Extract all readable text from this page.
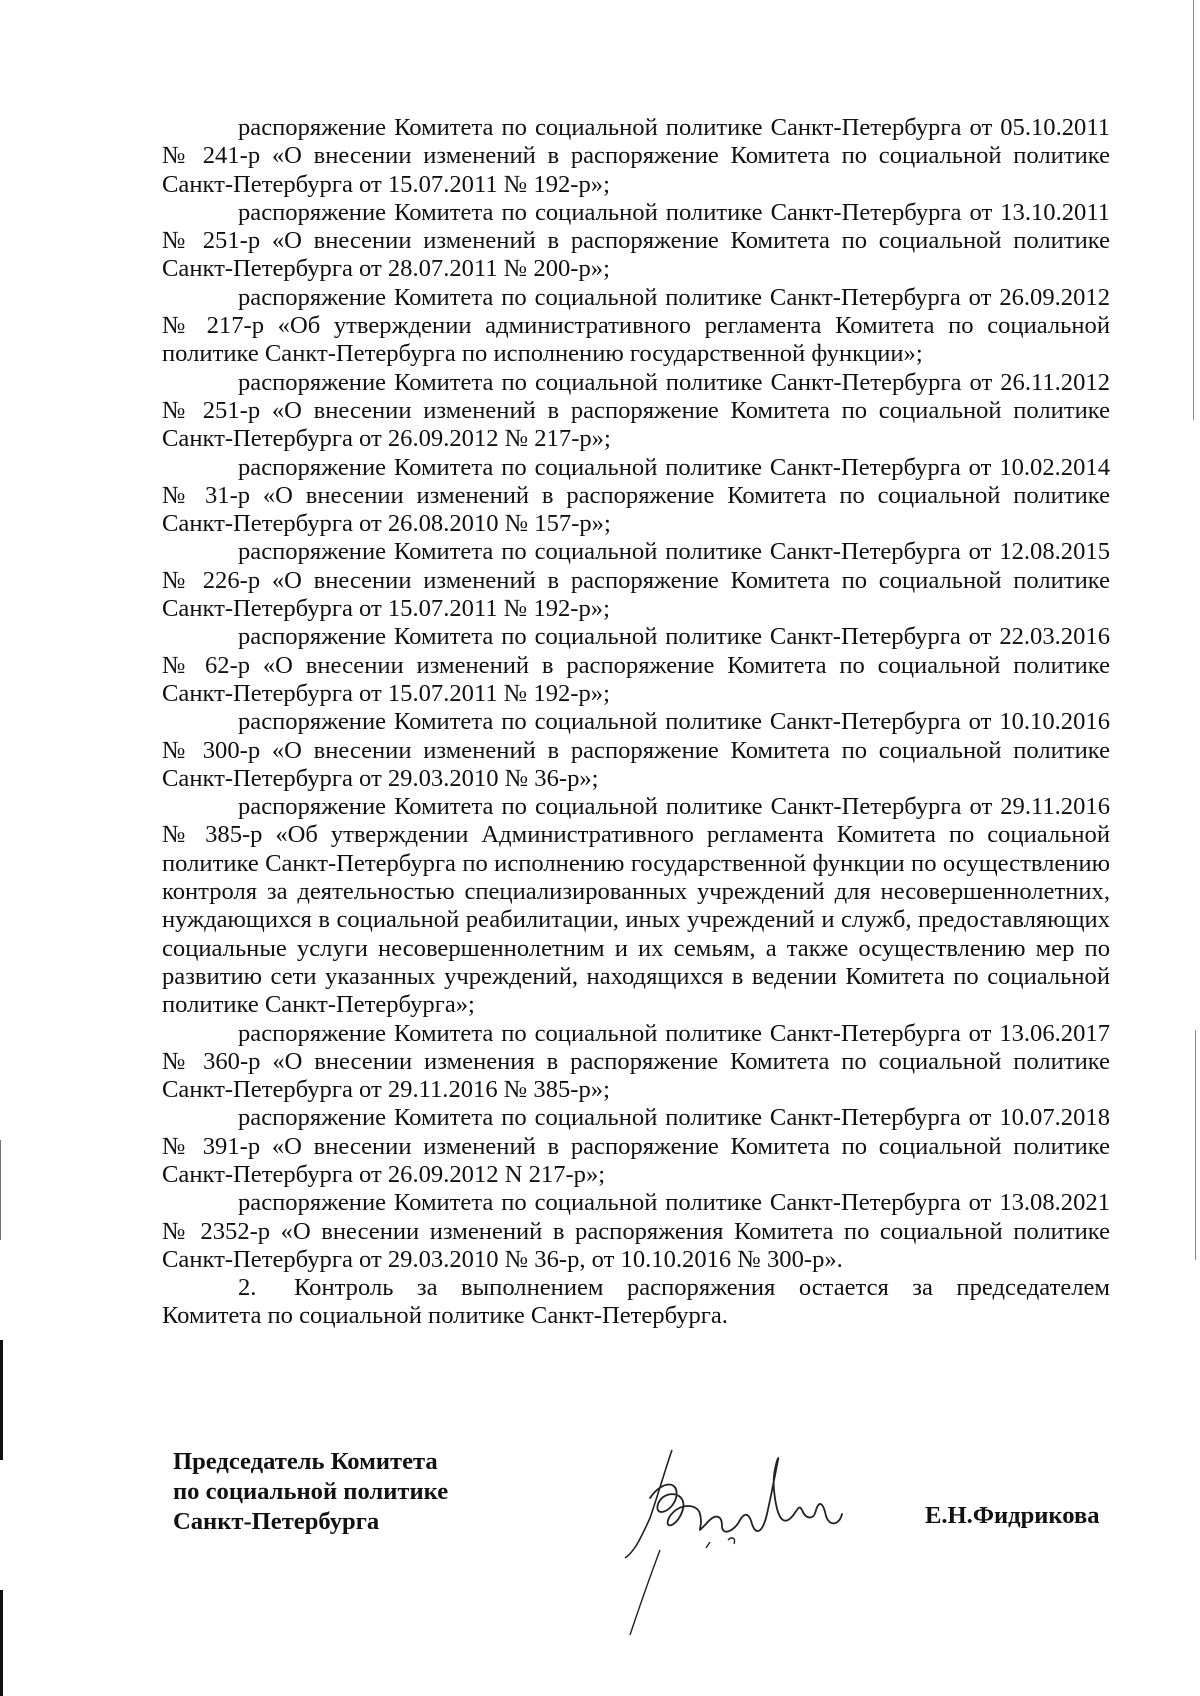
распоряжение Комитета по социальной политике Санкт-Петербурга от 05.10.2011 № 241-р «О внесении изменений в распоряжение Комитета по социальной политике Санкт-Петербурга от 15.07.2011 № 192-р»;

распоряжение Комитета по социальной политике Санкт-Петербурга от 13.10.2011 № 251-р «О внесении изменений в распоряжение Комитета по социальной политике Санкт-Петербурга от 28.07.2011 № 200-р»;

распоряжение Комитета по социальной политике Санкт-Петербурга от 26.09.2012 № 217-р «Об утверждении административного регламента Комитета по социальной политике Санкт-Петербурга по исполнению государственной функции»;

распоряжение Комитета по социальной политике Санкт-Петербурга от 26.11.2012 № 251-р «О внесении изменений в распоряжение Комитета по социальной политике Санкт-Петербурга от 26.09.2012 № 217-р»;

распоряжение Комитета по социальной политике Санкт-Петербурга от 10.02.2014 № 31-р «О внесении изменений в распоряжение Комитета по социальной политике Санкт-Петербурга от 26.08.2010 № 157-р»;

распоряжение Комитета по социальной политике Санкт-Петербурга от 12.08.2015 № 226-р «О внесении изменений в распоряжение Комитета по социальной политике Санкт-Петербурга от 15.07.2011 № 192-р»;

распоряжение Комитета по социальной политике Санкт-Петербурга от 22.03.2016 № 62-р «О внесении изменений в распоряжение Комитета по социальной политике Санкт-Петербурга от 15.07.2011 № 192-р»;

распоряжение Комитета по социальной политике Санкт-Петербурга от 10.10.2016 № 300-р «О внесении изменений в распоряжение Комитета по социальной политике Санкт-Петербурга от 29.03.2010 № 36-р»;

распоряжение Комитета по социальной политике Санкт-Петербурга от 29.11.2016 № 385-р «Об утверждении Административного регламента Комитета по социальной политике Санкт-Петербурга по исполнению государственной функции по осуществлению контроля за деятельностью специализированных учреждений для несовершеннолетних, нуждающихся в социальной реабилитации, иных учреждений и служб, предоставляющих социальные услуги несовершеннолетним и их семьям, а также осуществлению мер по развитию сети указанных учреждений, находящихся в ведении Комитета по социальной политике Санкт-Петербурга»;

распоряжение Комитета по социальной политике Санкт-Петербурга от 13.06.2017 № 360-р «О внесении изменения в распоряжение Комитета по социальной политике Санкт-Петербурга от 29.11.2016 № 385-р»;

распоряжение Комитета по социальной политике Санкт-Петербурга от 10.07.2018 № 391-р «О внесении изменений в распоряжение Комитета по социальной политике Санкт-Петербурга от 26.09.2012 N 217-р»;

распоряжение Комитета по социальной политике Санкт-Петербурга от 13.08.2021 № 2352-р «О внесении изменений в распоряжения Комитета по социальной политике Санкт-Петербурга от 29.03.2010 № 36-р, от 10.10.2016 № 300-р».

2. Контроль за выполнением распоряжения остается за председателем Комитета по социальной политике Санкт-Петербурга.

Председатель Комитета
по социальной политике
Санкт-Петербурга	Е.Н.Фидрикова
